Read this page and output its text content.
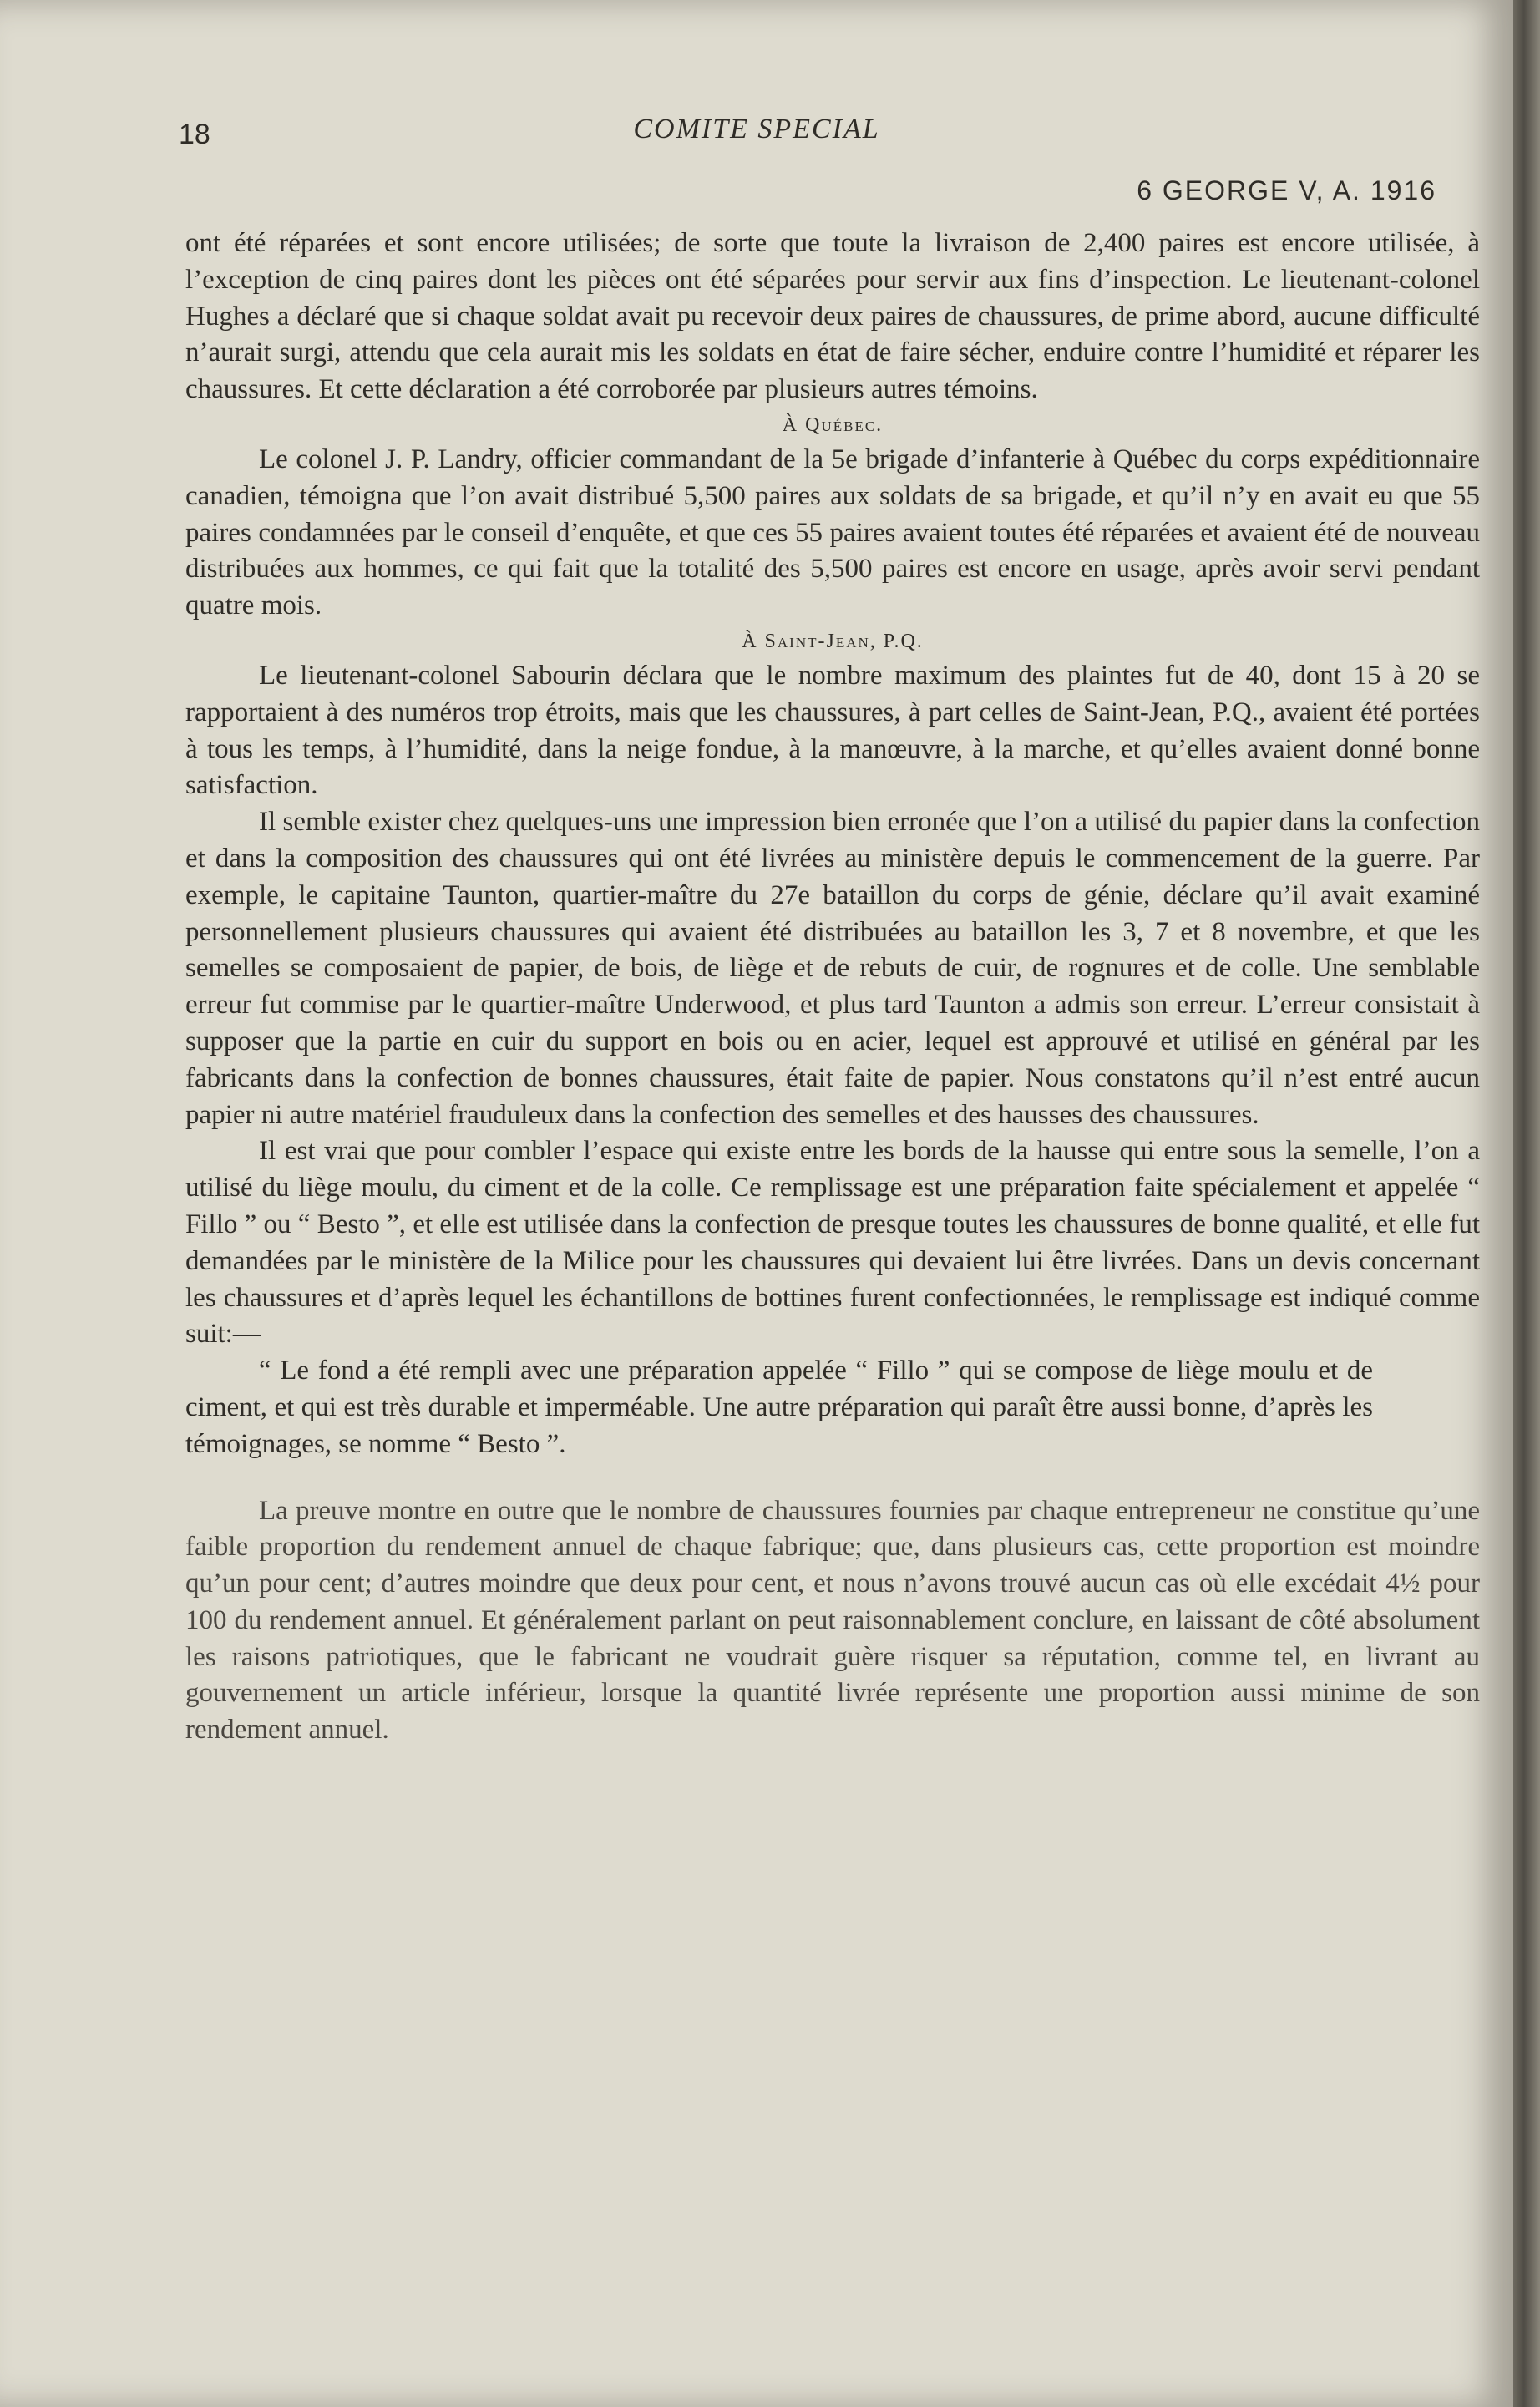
18	COMITE SPECIAL
6 GEORGE V, A. 1916

ont été réparées et sont encore utilisées; de sorte que toute la livraison de 2,400 paires est encore utilisée, à l’exception de cinq paires dont les pièces ont été séparées pour servir aux fins d’inspection. Le lieutenant-colonel Hughes a déclaré que si chaque soldat avait pu recevoir deux paires de chaussures, de prime abord, aucune difficulté n’aurait surgi, attendu que cela aurait mis les soldats en état de faire sécher, enduire contre l’humidité et réparer les chaussures. Et cette déclaration a été corroborée par plusieurs autres témoins.

À Québec.

Le colonel J. P. Landry, officier commandant de la 5e brigade d’infanterie à Québec du corps expéditionnaire canadien, témoigna que l’on avait distribué 5,500 paires aux soldats de sa brigade, et qu’il n’y en avait eu que 55 paires condamnées par le conseil d’enquête, et que ces 55 paires avaient toutes été réparées et avaient été de nouveau distribuées aux hommes, ce qui fait que la totalité des 5,500 paires est encore en usage, après avoir servi pendant quatre mois.

À Saint-Jean, P.Q.

Le lieutenant-colonel Sabourin déclara que le nombre maximum des plaintes fut de 40, dont 15 à 20 se rapportaient à des numéros trop étroits, mais que les chaussures, à part celles de Saint-Jean, P.Q., avaient été portées à tous les temps, à l’humidité, dans la neige fondue, à la manœuvre, à la marche, et qu’elles avaient donné bonne satisfaction.

Il semble exister chez quelques-uns une impression bien erronée que l’on a utilisé du papier dans la confection et dans la composition des chaussures qui ont été livrées au ministère depuis le commencement de la guerre. Par exemple, le capitaine Taunton, quartier-maître du 27e bataillon du corps de génie, déclare qu’il avait examiné personnellement plusieurs chaussures qui avaient été distribuées au bataillon les 3, 7 et 8 novembre, et que les semelles se composaient de papier, de bois, de liège et de rebuts de cuir, de rognures et de colle. Une semblable erreur fut commise par le quartier-maître Underwood, et plus tard Taunton a admis son erreur. L’erreur consistait à supposer que la partie en cuir du support en bois ou en acier, lequel est approuvé et utilisé en général par les fabricants dans la confection de bonnes chaussures, était faite de papier. Nous constatons qu’il n’est entré aucun papier ni autre matériel frauduleux dans la confection des semelles et des hausses des chaussures.

Il est vrai que pour combler l’espace qui existe entre les bords de la hausse qui entre sous la semelle, l’on a utilisé du liège moulu, du ciment et de la colle. Ce remplissage est une préparation faite spécialement et appelée “ Fillo ” ou “ Besto ”, et elle est utilisée dans la confection de presque toutes les chaussures de bonne qualité, et elle fut demandées par le ministère de la Milice pour les chaussures qui devaient lui être livrées. Dans un devis concernant les chaussures et d’après lequel les échantillons de bottines furent confectionnées, le remplissage est indiqué comme suit:—

“ Le fond a été rempli avec une préparation appelée “ Fillo ” qui se compose de liège moulu et de ciment, et qui est très durable et imperméable. Une autre préparation qui paraît être aussi bonne, d’après les témoignages, se nomme “ Besto ”.

La preuve montre en outre que le nombre de chaussures fournies par chaque entrepreneur ne constitue qu’une faible proportion du rendement annuel de chaque fabrique; que, dans plusieurs cas, cette proportion est moindre qu’un pour cent; d’autres moindre que deux pour cent, et nous n’avons trouvé aucun cas où elle excédait 4½ pour 100 du rendement annuel. Et généralement parlant on peut raisonnablement conclure, en laissant de côté absolument les raisons patriotiques, que le fabricant ne voudrait guère risquer sa réputation, comme tel, en livrant au gouvernement un article inférieur, lorsque la quantité livrée représente une proportion aussi minime de son rendement annuel.
